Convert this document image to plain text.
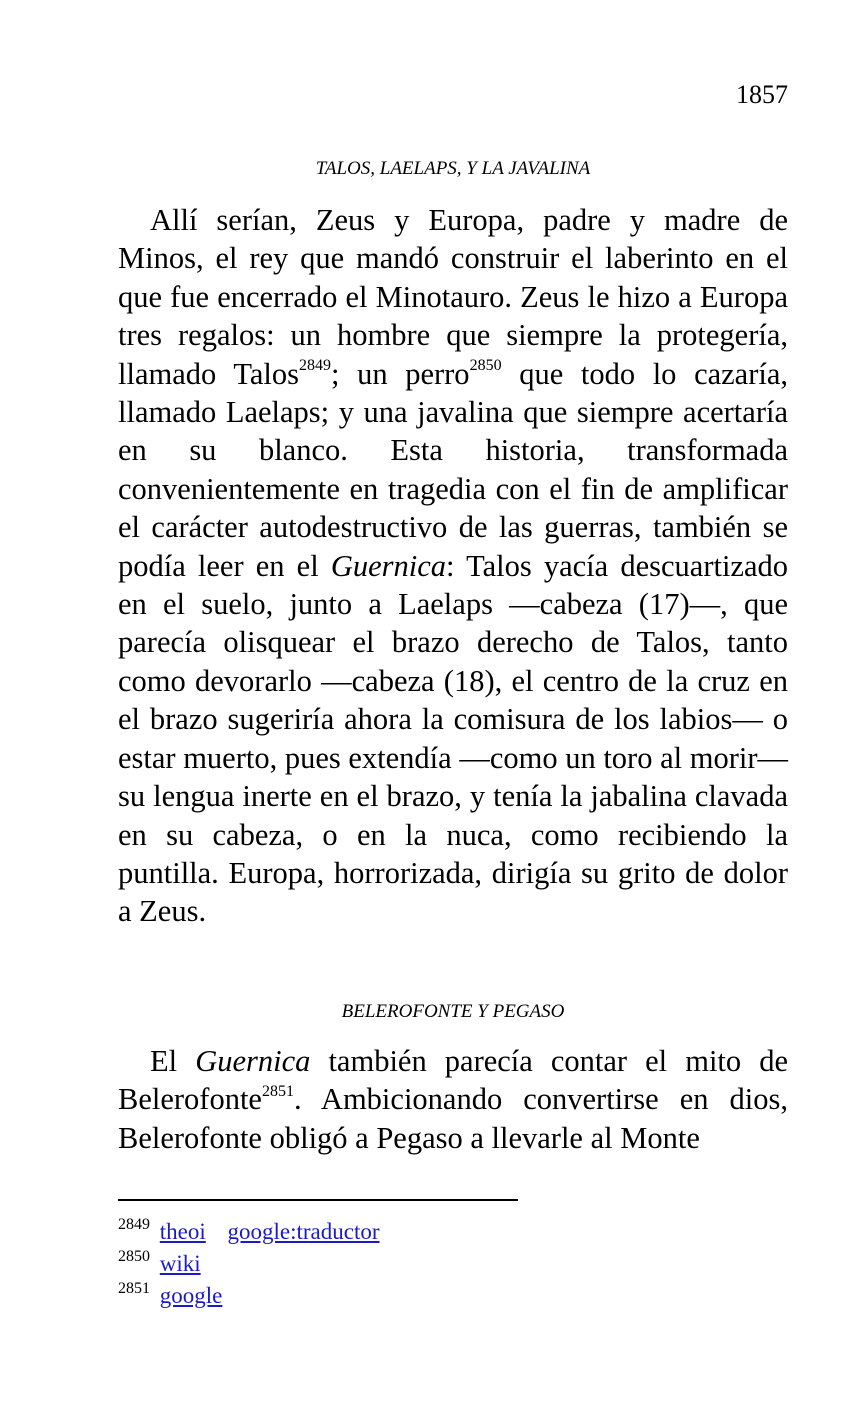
1857
TALOS, LAELAPS, Y LA JAVALINA

Allí serían, Zeus y Europa, padre y madre de Minos, el rey que mandó construir el laberinto en el que fue encerrado el Minotauro. Zeus le hizo a Europa tres regalos: un hombre que siempre la protegería, llamado Talos$^{2849}$; un perro$^{2850}$ que todo lo cazaría, llamado Laelaps; y una javalina que siempre acertaría en su blanco. Esta historia, transformada convenientemente en tragedia con el fin de amplificar el carácter autodestructivo de las guerras, también se podía leer en el Guernica: Talos yacía descuartizado en el suelo, junto a Laelaps —cabeza (17)—, que parecía olisquear el brazo derecho de Talos, tanto como devorarlo —cabeza (18), el centro de la cruz en el brazo sugeriría ahora la comisura de los labios— o estar muerto, pues extendía —como un toro al morir— su lengua inerte en el brazo, y tenía la jabalina clavada en su cabeza, o en la nuca, como recibiendo la puntilla. Europa, horrorizada, dirigía su grito de dolor a Zeus.

BELEROFONTE Y PEGASO

El Guernica también parecía contar el mito de Belerofonte$^{2851}$. Ambicionando convertirse en dios, Belerofonte obligó a Pegaso a llevarle al Monte

$^{2849}$ theoi google:traductor
$^{2850}$ wiki
$^{2851}$ google
